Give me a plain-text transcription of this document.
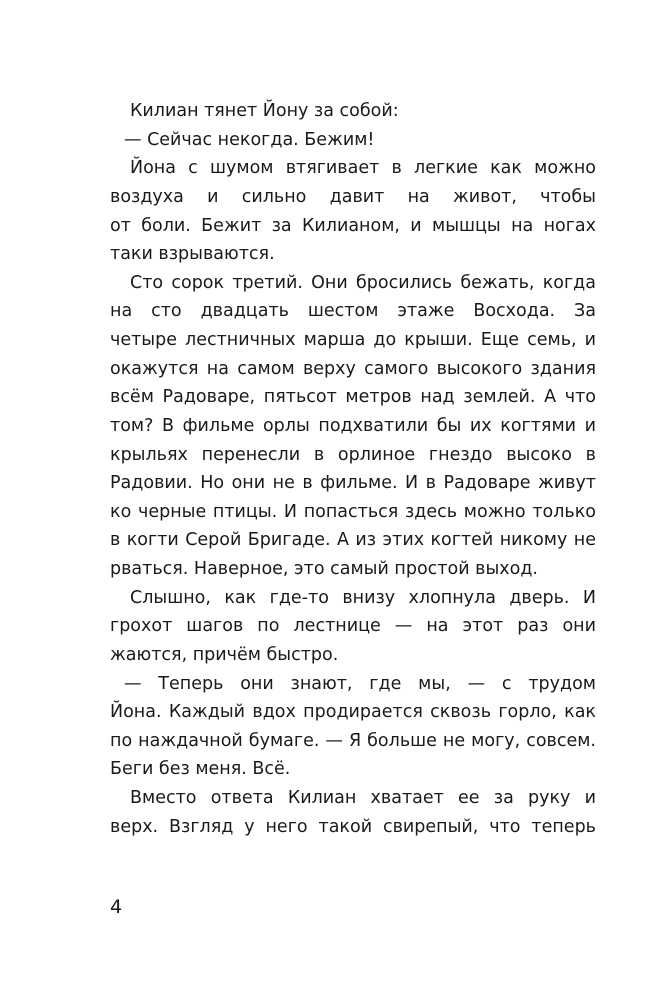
Килиан тянет Йону за собой:
— Сейчас некогда. Бежим!
Йона с шумом втягивает в легкие как можно
воздуха и сильно давит на живот, чтобы
от боли. Бежит за Килианом, и мышцы на ногах
таки взрываются.
Сто сорок третий. Они бросились бежать, когда
на сто двадцать шестом этаже Восхода. За
четыре лестничных марша до крыши. Еще семь, и
окажутся на самом верху самого высокого здания
всём Радоваре, пятьсот метров над землей. А что
том? В фильме орлы подхватили бы их когтями и
крыльях перенесли в орлиное гнездо высоко в
Радовии. Но они не в фильме. И в Радоваре живут
ко черные птицы. И попасться здесь можно только
в когти Серой Бригаде. А из этих когтей никому не
рваться. Наверное, это самый простой выход.
Слышно, как где-то внизу хлопнула дверь. И
грохот шагов по лестнице — на этот раз они
жаются, причём быстро.
— Теперь они знают, где мы, — с трудом
Йона. Каждый вдох продирается сквозь горло, как
по наждачной бумаге. — Я больше не могу, совсем.
Беги без меня. Всё.
Вместо ответа Килиан хватает ее за руку и
верх. Взгляд у него такой свирепый, что теперь
4
